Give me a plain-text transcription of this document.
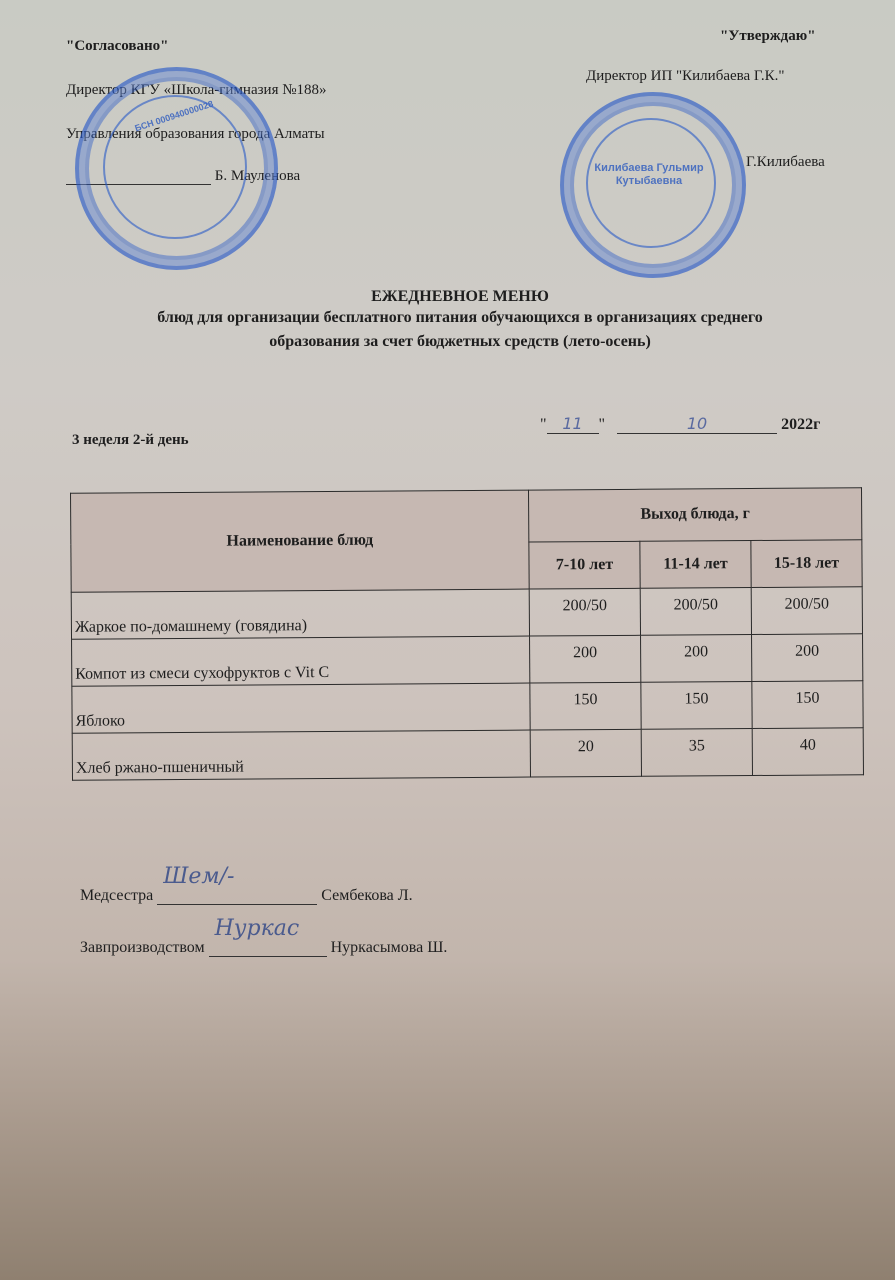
"Согласовано"
Директор КГУ «Школа-гимназия №188»
Управления образования города Алматы
Б. Мауленова
БСН 000940000028
"Утверждаю"
Директор ИП "Килибаева Г.К."
Г.Килибаева
Килибаева Гульмир Кутыбаевна
ЕЖЕДНЕВНОЕ МЕНЮ
блюд для организации бесплатного питания обучающихся в организациях среднего
образования за счет бюджетных средств (лето-осень)
3 неделя 2-й день
" 11 "	10	2022г
Наименование блюд	Выход блюда, г		
	7-10 лет	11-14 лет	15-18 лет
Жаркое по-домашнему (говядина)	200/50	200/50	200/50
Компот из смеси сухофруктов с Vit C	200	200	200
Яблоко	150	150	150
Хлеб ржано-пшеничный	20	35	40
Медсестра
Шем/-
Сембекова Л.
Завпроизводством
Нуркас
Нуркасымова Ш.
